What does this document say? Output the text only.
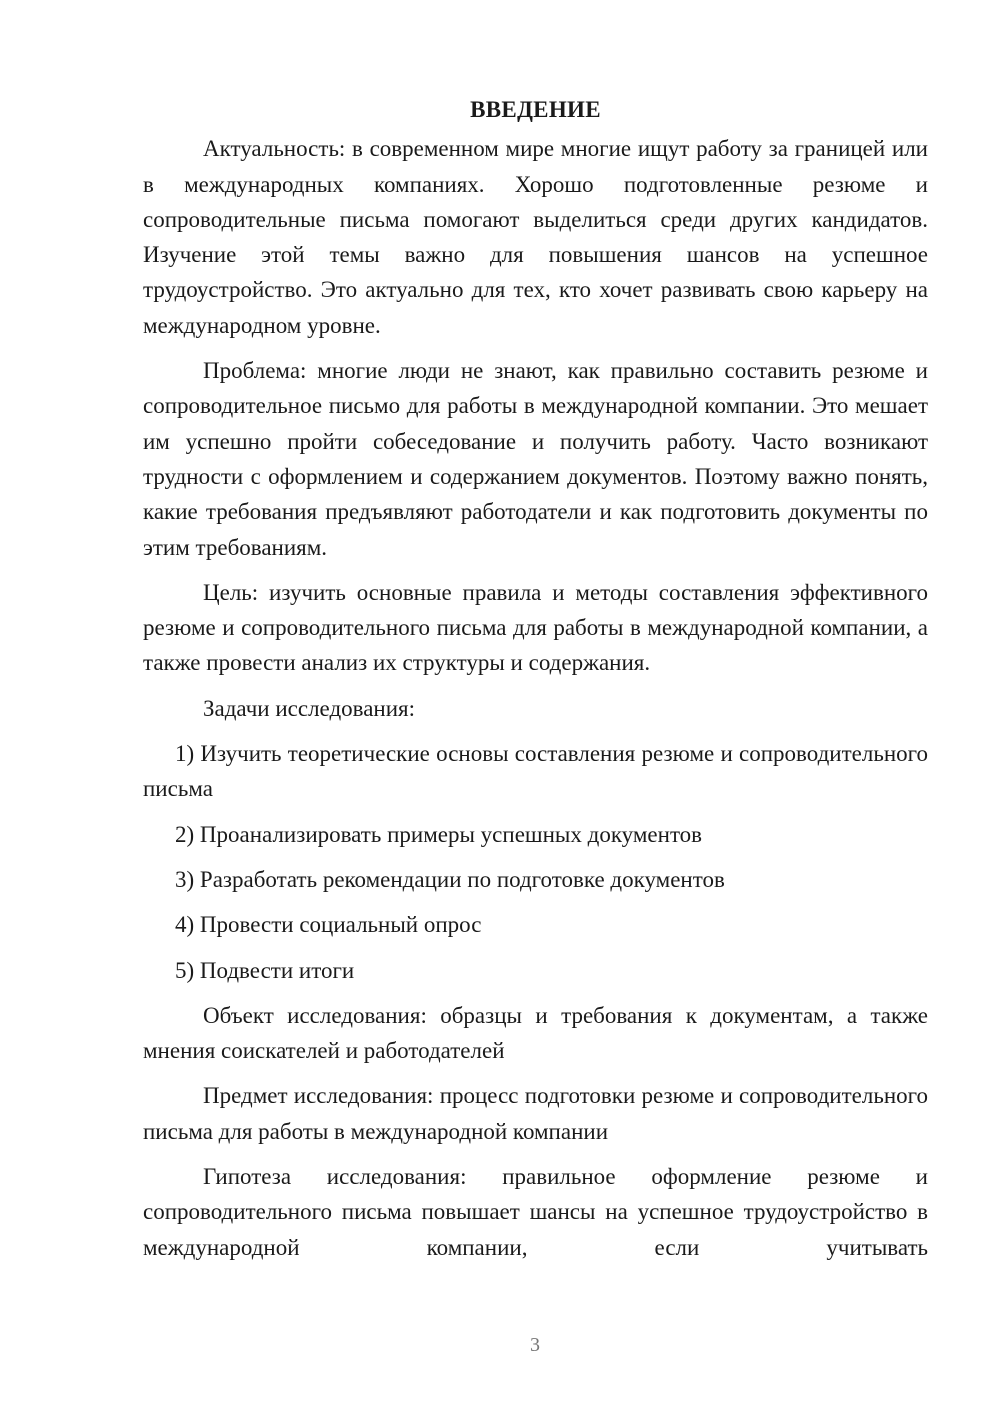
ВВЕДЕНИЕ

Актуальность: в современном мире многие ищут работу за границей или в международных компаниях. Хорошо подготовленные резюме и сопроводительные письма помогают выделиться среди других кандидатов. Изучение этой темы важно для повышения шансов на успешное трудоустройство. Это актуально для тех, кто хочет развивать свою карьеру на международном уровне.

Проблема: многие люди не знают, как правильно составить резюме и сопроводительное письмо для работы в международной компании. Это мешает им успешно пройти собеседование и получить работу. Часто возникают трудности с оформлением и содержанием документов. Поэтому важно понять, какие требования предъявляют работодатели и как подготовить документы по этим требованиям.

Цель: изучить основные правила и методы составления эффективного резюме и сопроводительного письма для работы в международной компании, а также провести анализ их структуры и содержания.

Задачи исследования:

1) Изучить теоретические основы составления резюме и сопроводительного письма

2) Проанализировать примеры успешных документов

3) Разработать рекомендации по подготовке документов

4) Провести социальный опрос

5) Подвести итоги

Объект исследования: образцы и требования к документам, а также мнения соискателей и работодателей

Предмет исследования: процесс подготовки резюме и сопроводительного письма для работы в международной компании

Гипотеза исследования: правильное оформление резюме и сопроводительного письма повышает шансы на успешное трудоустройство в международной компании, если учитывать

3
